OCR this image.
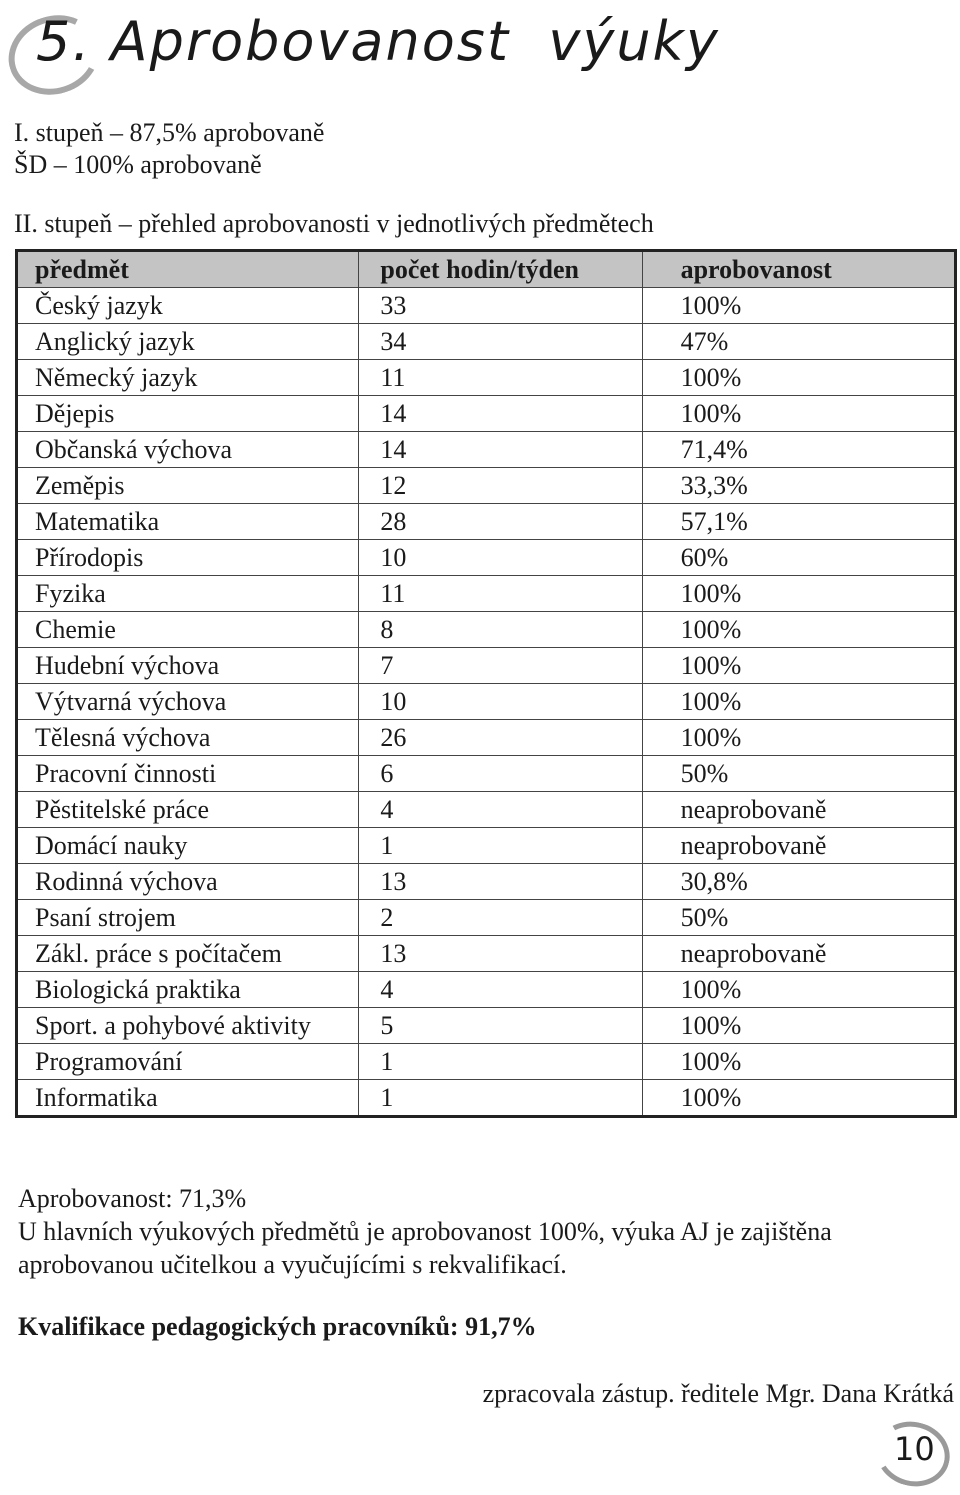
5. Aprobovanost  výuky
I. stupeň – 87,5% aprobovaně
ŠD – 100% aprobovaně
II. stupeň – přehled aprobovanosti v jednotlivých předmětech
předmět	počet hodin/týden	aprobovanost
Český jazyk	33	100%
Anglický jazyk	34	47%
Německý jazyk	11	100%
Dějepis	14	100%
Občanská výchova	14	71,4%
Zeměpis	12	33,3%
Matematika	28	57,1%
Přírodopis	10	60%
Fyzika	11	100%
Chemie	8	100%
Hudební výchova	7	100%
Výtvarná výchova	10	100%
Tělesná výchova	26	100%
Pracovní činnosti	6	50%
Pěstitelské práce	4	neaprobovaně
Domácí nauky	1	neaprobovaně
Rodinná výchova	13	30,8%
Psaní strojem	2	50%
Zákl. práce s počítačem	13	neaprobovaně
Biologická praktika	4	100%
Sport. a pohybové aktivity	5	100%
Programování	1	100%
Informatika	1	100%
Aprobovanost: 71,3%
U hlavních výukových předmětů je aprobovanost 100%, výuka AJ je zajištěna
aprobovanou učitelkou a vyučujícími s rekvalifikací.
Kvalifikace pedagogických pracovníků: 91,7%
zpracovala zástup. ředitele Mgr. Dana Krátká
10
